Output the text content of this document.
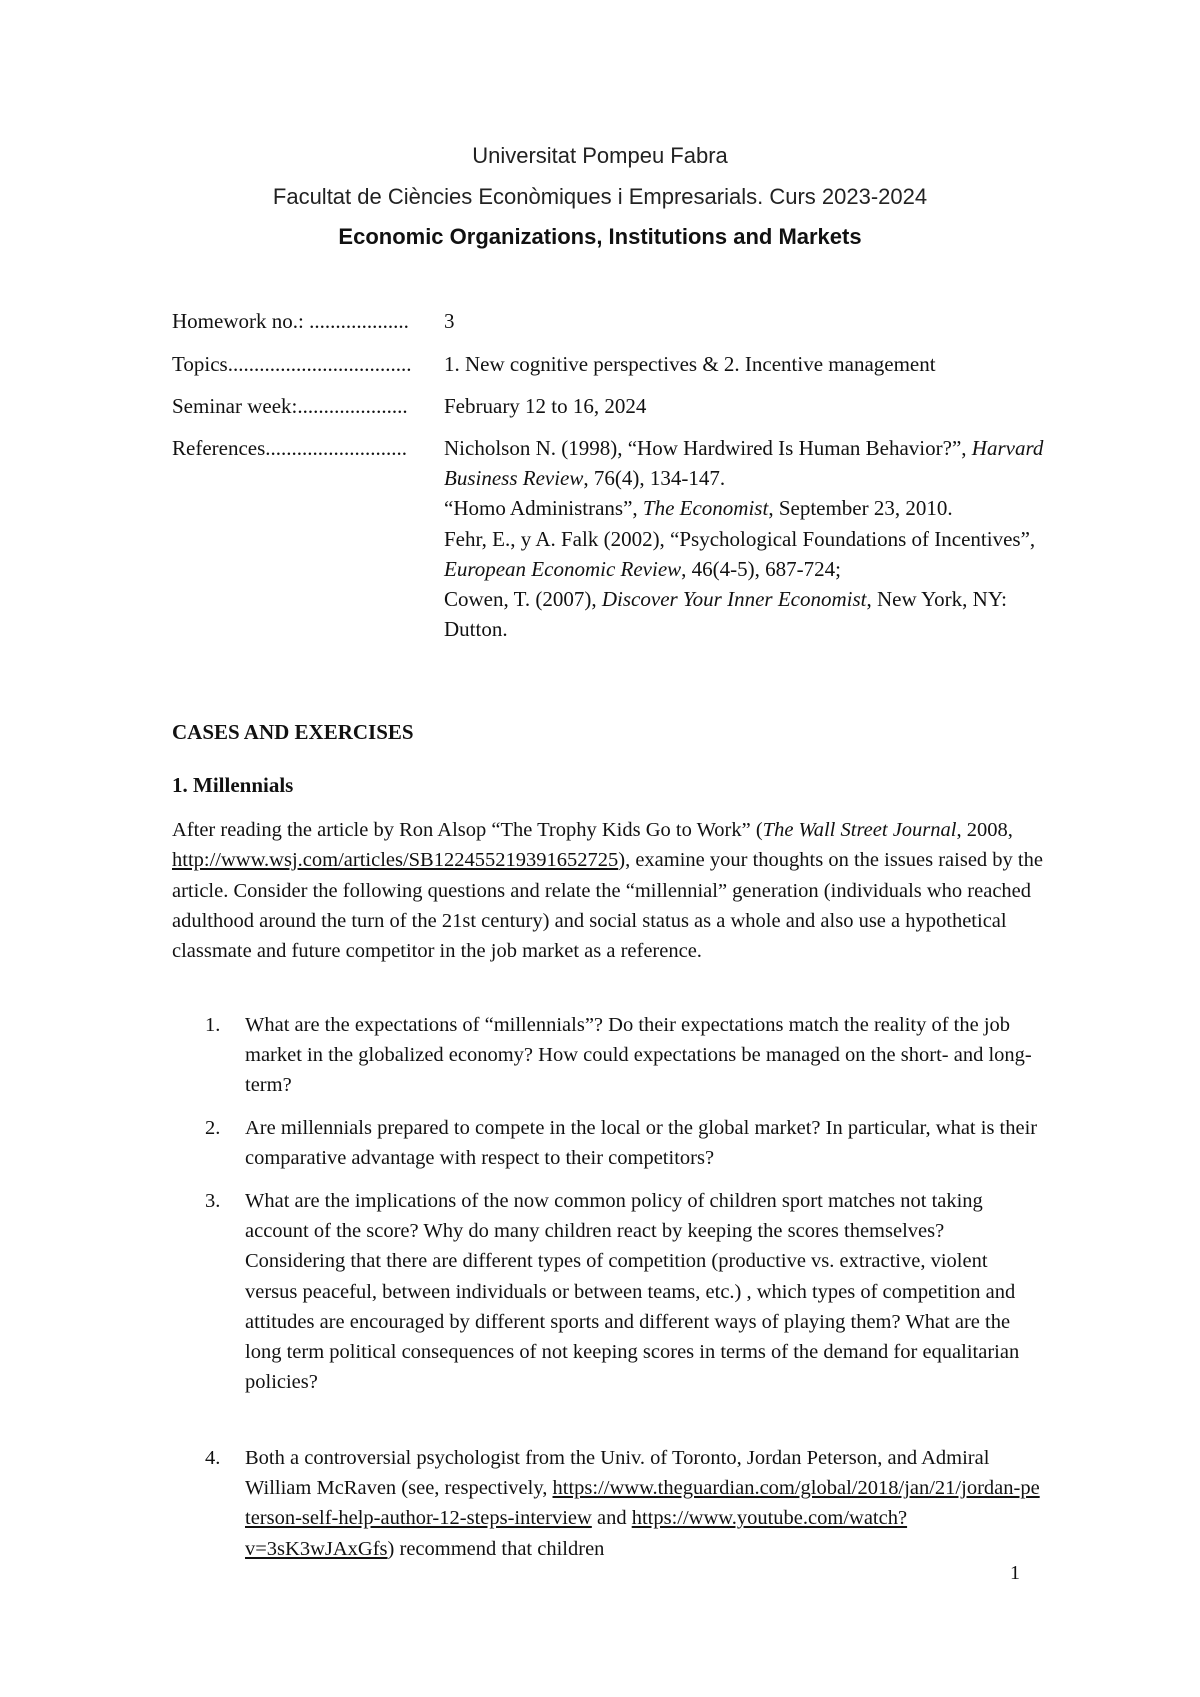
Universitat Pompeu Fabra
Facultat de Ciències Econòmiques i Empresarials. Curs 2023-2024
Economic Organizations, Institutions and Markets
Homework no.: ................... 3
Topics................................... 1. New cognitive perspectives & 2. Incentive management
Seminar week:..................... February 12 to 16, 2024
References...........................	Nicholson N. (1998), “How Hardwired Is Human Behavior?”, Harvard Business Review, 76(4), 134-147.

“Homo Administrans”, The Economist, September 23, 2010.

Fehr, E., y A. Falk (2002), “Psychological Foundations of Incentives”, European Economic Review, 46(4-5), 687-724;

Cowen, T. (2007), Discover Your Inner Economist, New York, NY: Dutton.

CASES AND EXERCISES
1. Millennials

After reading the article by Ron Alsop “The Trophy Kids Go to Work” (The Wall Street Journal, 2008, http://www.wsj.com/articles/SB122455219391652725), examine your thoughts on the issues raised by the article. Consider the following questions and relate the “millennial” generation (individuals who reached adulthood around the turn of the 21st century) and social status as a whole and also use a hypothetical classmate and future competitor in the job market as a reference.

1. What are the expectations of “millennials”? Do their expectations match the reality of the job market in the globalized economy? How could expectations be managed on the short- and long-term?
2. Are millennials prepared to compete in the local or the global market? In particular, what is their comparative advantage with respect to their competitors?
3. What are the implications of the now common policy of children sport matches not taking account of the score? Why do many children react by keeping the scores themselves? Considering that there are different types of competition (productive vs. extractive, violent versus peaceful, between individuals or between teams, etc.) , which types of competition and attitudes are encouraged by different sports and different ways of playing them? What are the long term political consequences of not keeping scores in terms of the demand for equalitarian policies?
4. Both a controversial psychologist from the Univ. of Toronto, Jordan Peterson, and Admiral William McRaven (see, respectively, https://www.theguardian.com/global/2018/jan/21/jordan-peterson-self-help-author-12-steps-interview and https://www.youtube.com/watch?v=3sK3wJAxGfs) recommend that children
1
